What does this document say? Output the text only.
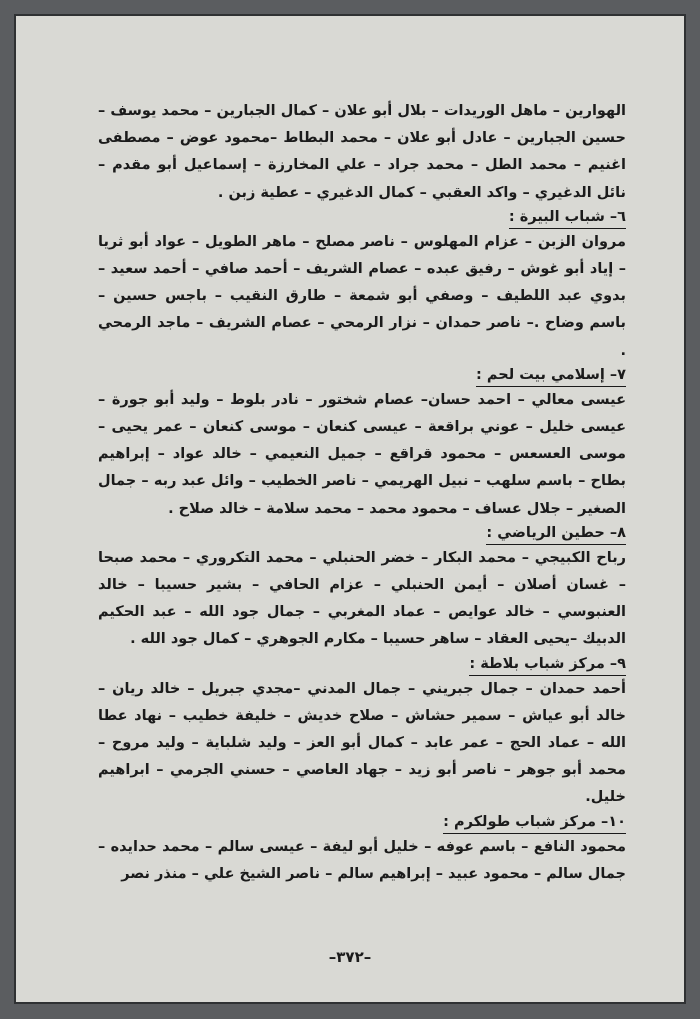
الهوارين – ماهل الوريدات – بلال أبو علان – كمال الجبارين – محمد يوسف – حسين الجبارين – عادل أبو علان – محمد البطاط –محمود عوض – مصطفى اغنيم – محمد الطل – محمد جراد – علي المخارزة – إسماعيل أبو مقدم – نائل الدغيري – واكد العقبي – كمال الدغيري – عطية زبن .

٦– شباب البيرة :

مروان الزبن – عزام المهلوس – ناصر مصلح – ماهر الطويل – عواد أبو ثريا – إياد أبو غوش – رفيق عبده – عصام الشريف – أحمد صافي – أحمد سعيد – بدوي عبد اللطيف – وصفي أبو شمعة – طارق النقيب – باجس حسين – باسم وضاح .– ناصر حمدان – نزار الرمحي – عصام الشريف – ماجد الرمحي .

٧– إسلامي بيت لحم :

عيسى معالي – احمد حسان– عصام شختور – نادر بلوط – وليد أبو جورة – عيسى خليل – عوني براقعة – عيسى كنعان – موسى كنعان – عمر يحيى – موسى العسعس – محمود قراقع – جميل النعيمي – خالد عواد – إبراهيم بطاح – باسم سلهب – نبيل الهريمي – ناصر الخطيب – وائل عبد ربه – جمال الصغير – جلال عساف – محمود محمد – محمد سلامة – خالد صلاح .

٨– حطين الرياضي :

رباح الكبيجي – محمد البكار – خضر الحنبلي – محمد التكروري – محمد صبحا – غسان أصلان – أيمن الحنبلي – عزام الحافي – بشير حسيبا – خالد العنبوسي – خالد عوايص – عماد المغربي – جمال جود الله – عبد الحكيم الدبيك –يحيى العقاد – ساهر حسيبا – مكارم الجوهري – كمال جود الله .

٩– مركز شباب بلاطة :

أحمد حمدان – جمال جبريني – جمال المدني –مجدي جبريل – خالد ريان – خالد أبو عياش – سمير حشاش – صلاح خديش – خليفة خطيب – نهاد عطا الله – عماد الحج – عمر عابد – كمال أبو العز – وليد شلباية – وليد مروح – محمد أبو جوهر – ناصر أبو زيد – جهاد العاصي – حسني الجرمي – ابراهيم خليل.

١٠– مركز شباب طولكرم :

محمود النافع – باسم عوفه – خليل أبو ليفة – عيسى سالم – محمد حدايده – جمال سالم – محمود عبيد – إبراهيم سالم – ناصر الشيخ علي – منذر نصر

–٣٧٢–
